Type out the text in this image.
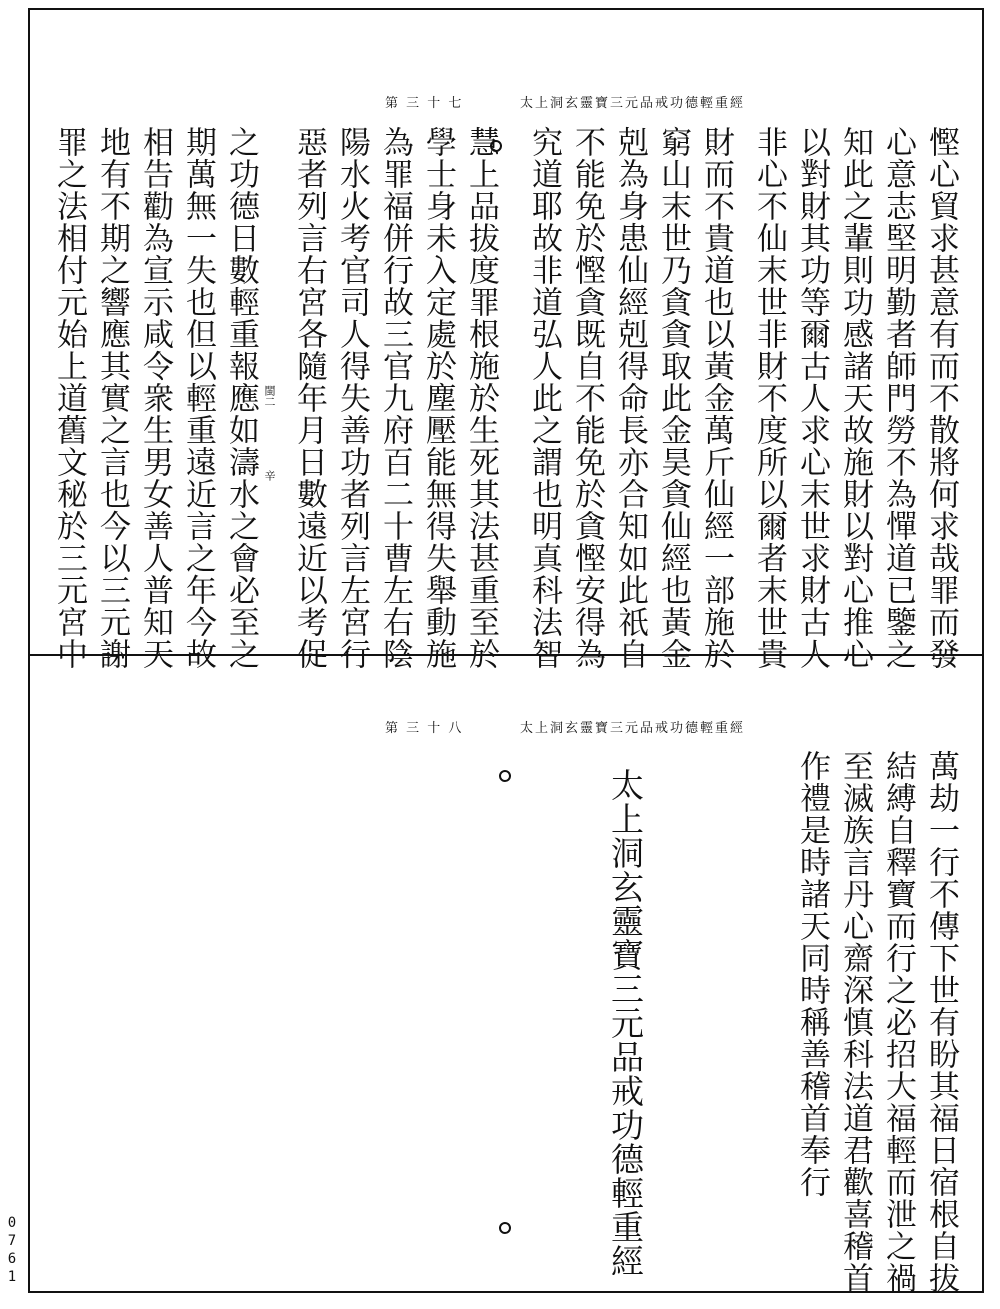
0761
太上洞玄靈寶三元品戒功德輕重經
第 三 十 七
慳心貿求甚意有而不散將何求哉罪而發
心意志堅明勤者師門勞不為憚道已鑒之
知此之輩則功感諸天故施財以對心推心
以對財其功等爾古人求心末世求財古人
非心不仙末世非財不度所以爾者末世貴
財而不貴道也以黃金萬斤仙經一部施於
窮山末世乃貪貪取此金昊貪仙經也黃金
剋為身患仙經剋得命長亦合知如此祇自
不能免於慳貪既自不能免於貪慳安得為
究道耶故非道弘人此之謂也明真科法智
慧上品拔度罪根施於生死其法甚重至於
學士身未入定處於塵壓能無得失舉動施
為罪福併行故三官九府百二十曹左右陰
陽水火考官司人得失善功者列言左宮行
惡者列言右宮各隨年月日數遠近以考促
之功德日數輕重報應如濤水之會必至之
期萬無一失也但以輕重遠近言之年今故
相告勸為宣示咸令衆生男女善人普知天
地有不期之響應其實之言也今以三元謝
罪之法相付元始上道舊文秘於三元宮中	閩二
辛
太上洞玄靈寶三元品戒功德輕重經
第 三 十 八
萬劫一行不傳下世有盼其福日宿根自拔
結縛自釋寶而行之必招大福輕而泄之禍
至滅族言丹心齋深慎科法道君歡喜稽首
作禮是時諸天同時稱善稽首奉行
太上洞玄靈寶三元品戒功德輕重經
